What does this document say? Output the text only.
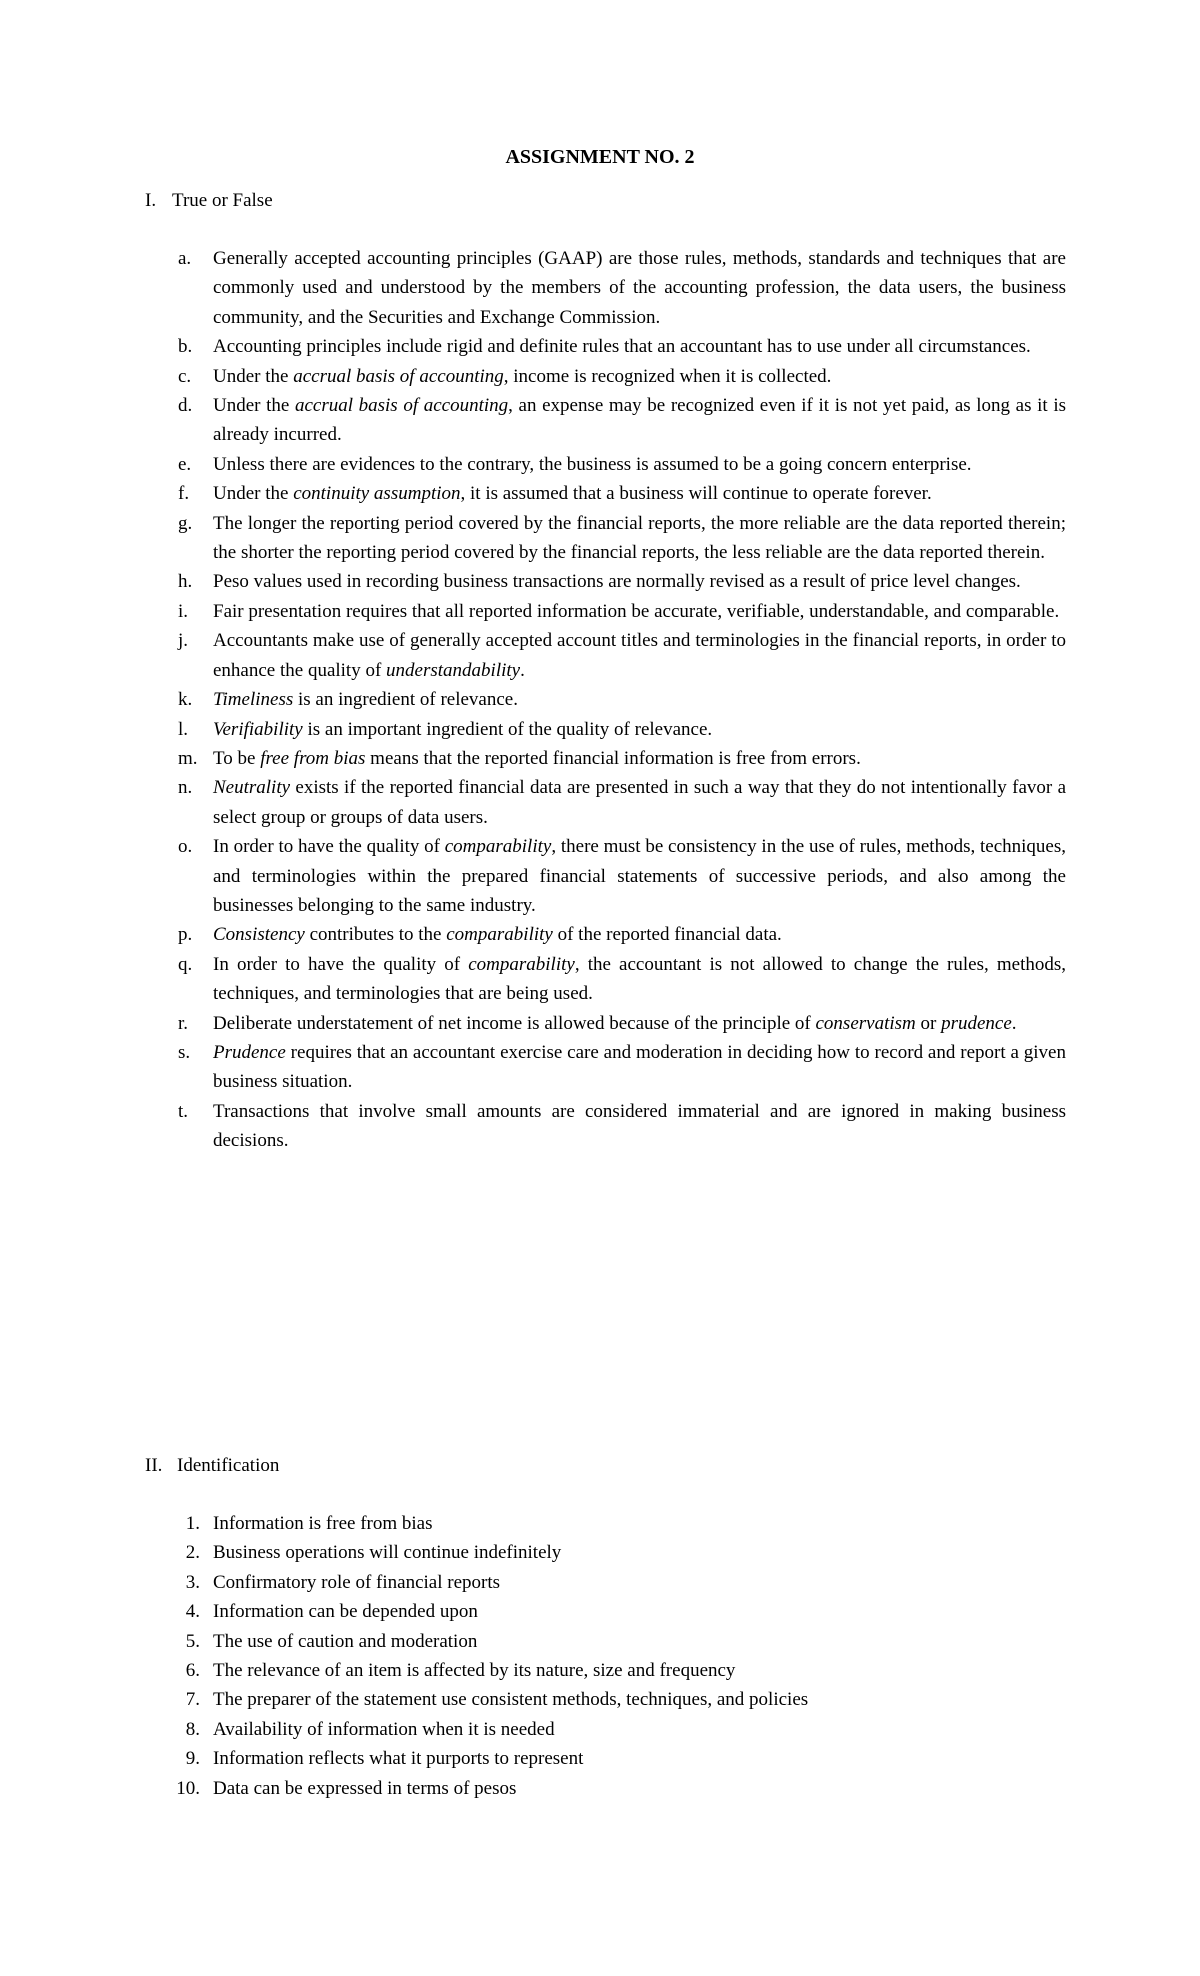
ASSIGNMENT NO. 2
I. True or False
a. Generally accepted accounting principles (GAAP) are those rules, methods, standards and techniques that are commonly used and understood by the members of the accounting profession, the data users, the business community, and the Securities and Exchange Commission.
b. Accounting principles include rigid and definite rules that an accountant has to use under all circumstances.
c. Under the accrual basis of accounting, income is recognized when it is collected.
d. Under the accrual basis of accounting, an expense may be recognized even if it is not yet paid, as long as it is already incurred.
e. Unless there are evidences to the contrary, the business is assumed to be a going concern enterprise.
f. Under the continuity assumption, it is assumed that a business will continue to operate forever.
g. The longer the reporting period covered by the financial reports, the more reliable are the data reported therein; the shorter the reporting period covered by the financial reports, the less reliable are the data reported therein.
h. Peso values used in recording business transactions are normally revised as a result of price level changes.
i. Fair presentation requires that all reported information be accurate, verifiable, understandable, and comparable.
j. Accountants make use of generally accepted account titles and terminologies in the financial reports, in order to enhance the quality of understandability.
k. Timeliness is an ingredient of relevance.
l. Verifiability is an important ingredient of the quality of relevance.
m. To be free from bias means that the reported financial information is free from errors.
n. Neutrality exists if the reported financial data are presented in such a way that they do not intentionally favor a select group or groups of data users.
o. In order to have the quality of comparability, there must be consistency in the use of rules, methods, techniques, and terminologies within the prepared financial statements of successive periods, and also among the businesses belonging to the same industry.
p. Consistency contributes to the comparability of the reported financial data.
q. In order to have the quality of comparability, the accountant is not allowed to change the rules, methods, techniques, and terminologies that are being used.
r. Deliberate understatement of net income is allowed because of the principle of conservatism or prudence.
s. Prudence requires that an accountant exercise care and moderation in deciding how to record and report a given business situation.
t. Transactions that involve small amounts are considered immaterial and are ignored in making business decisions.
II. Identification
1. Information is free from bias
2. Business operations will continue indefinitely
3. Confirmatory role of financial reports
4. Information can be depended upon
5. The use of caution and moderation
6. The relevance of an item is affected by its nature, size and frequency
7. The preparer of the statement use consistent methods, techniques, and policies
8. Availability of information when it is needed
9. Information reflects what it purports to represent
10. Data can be expressed in terms of pesos
